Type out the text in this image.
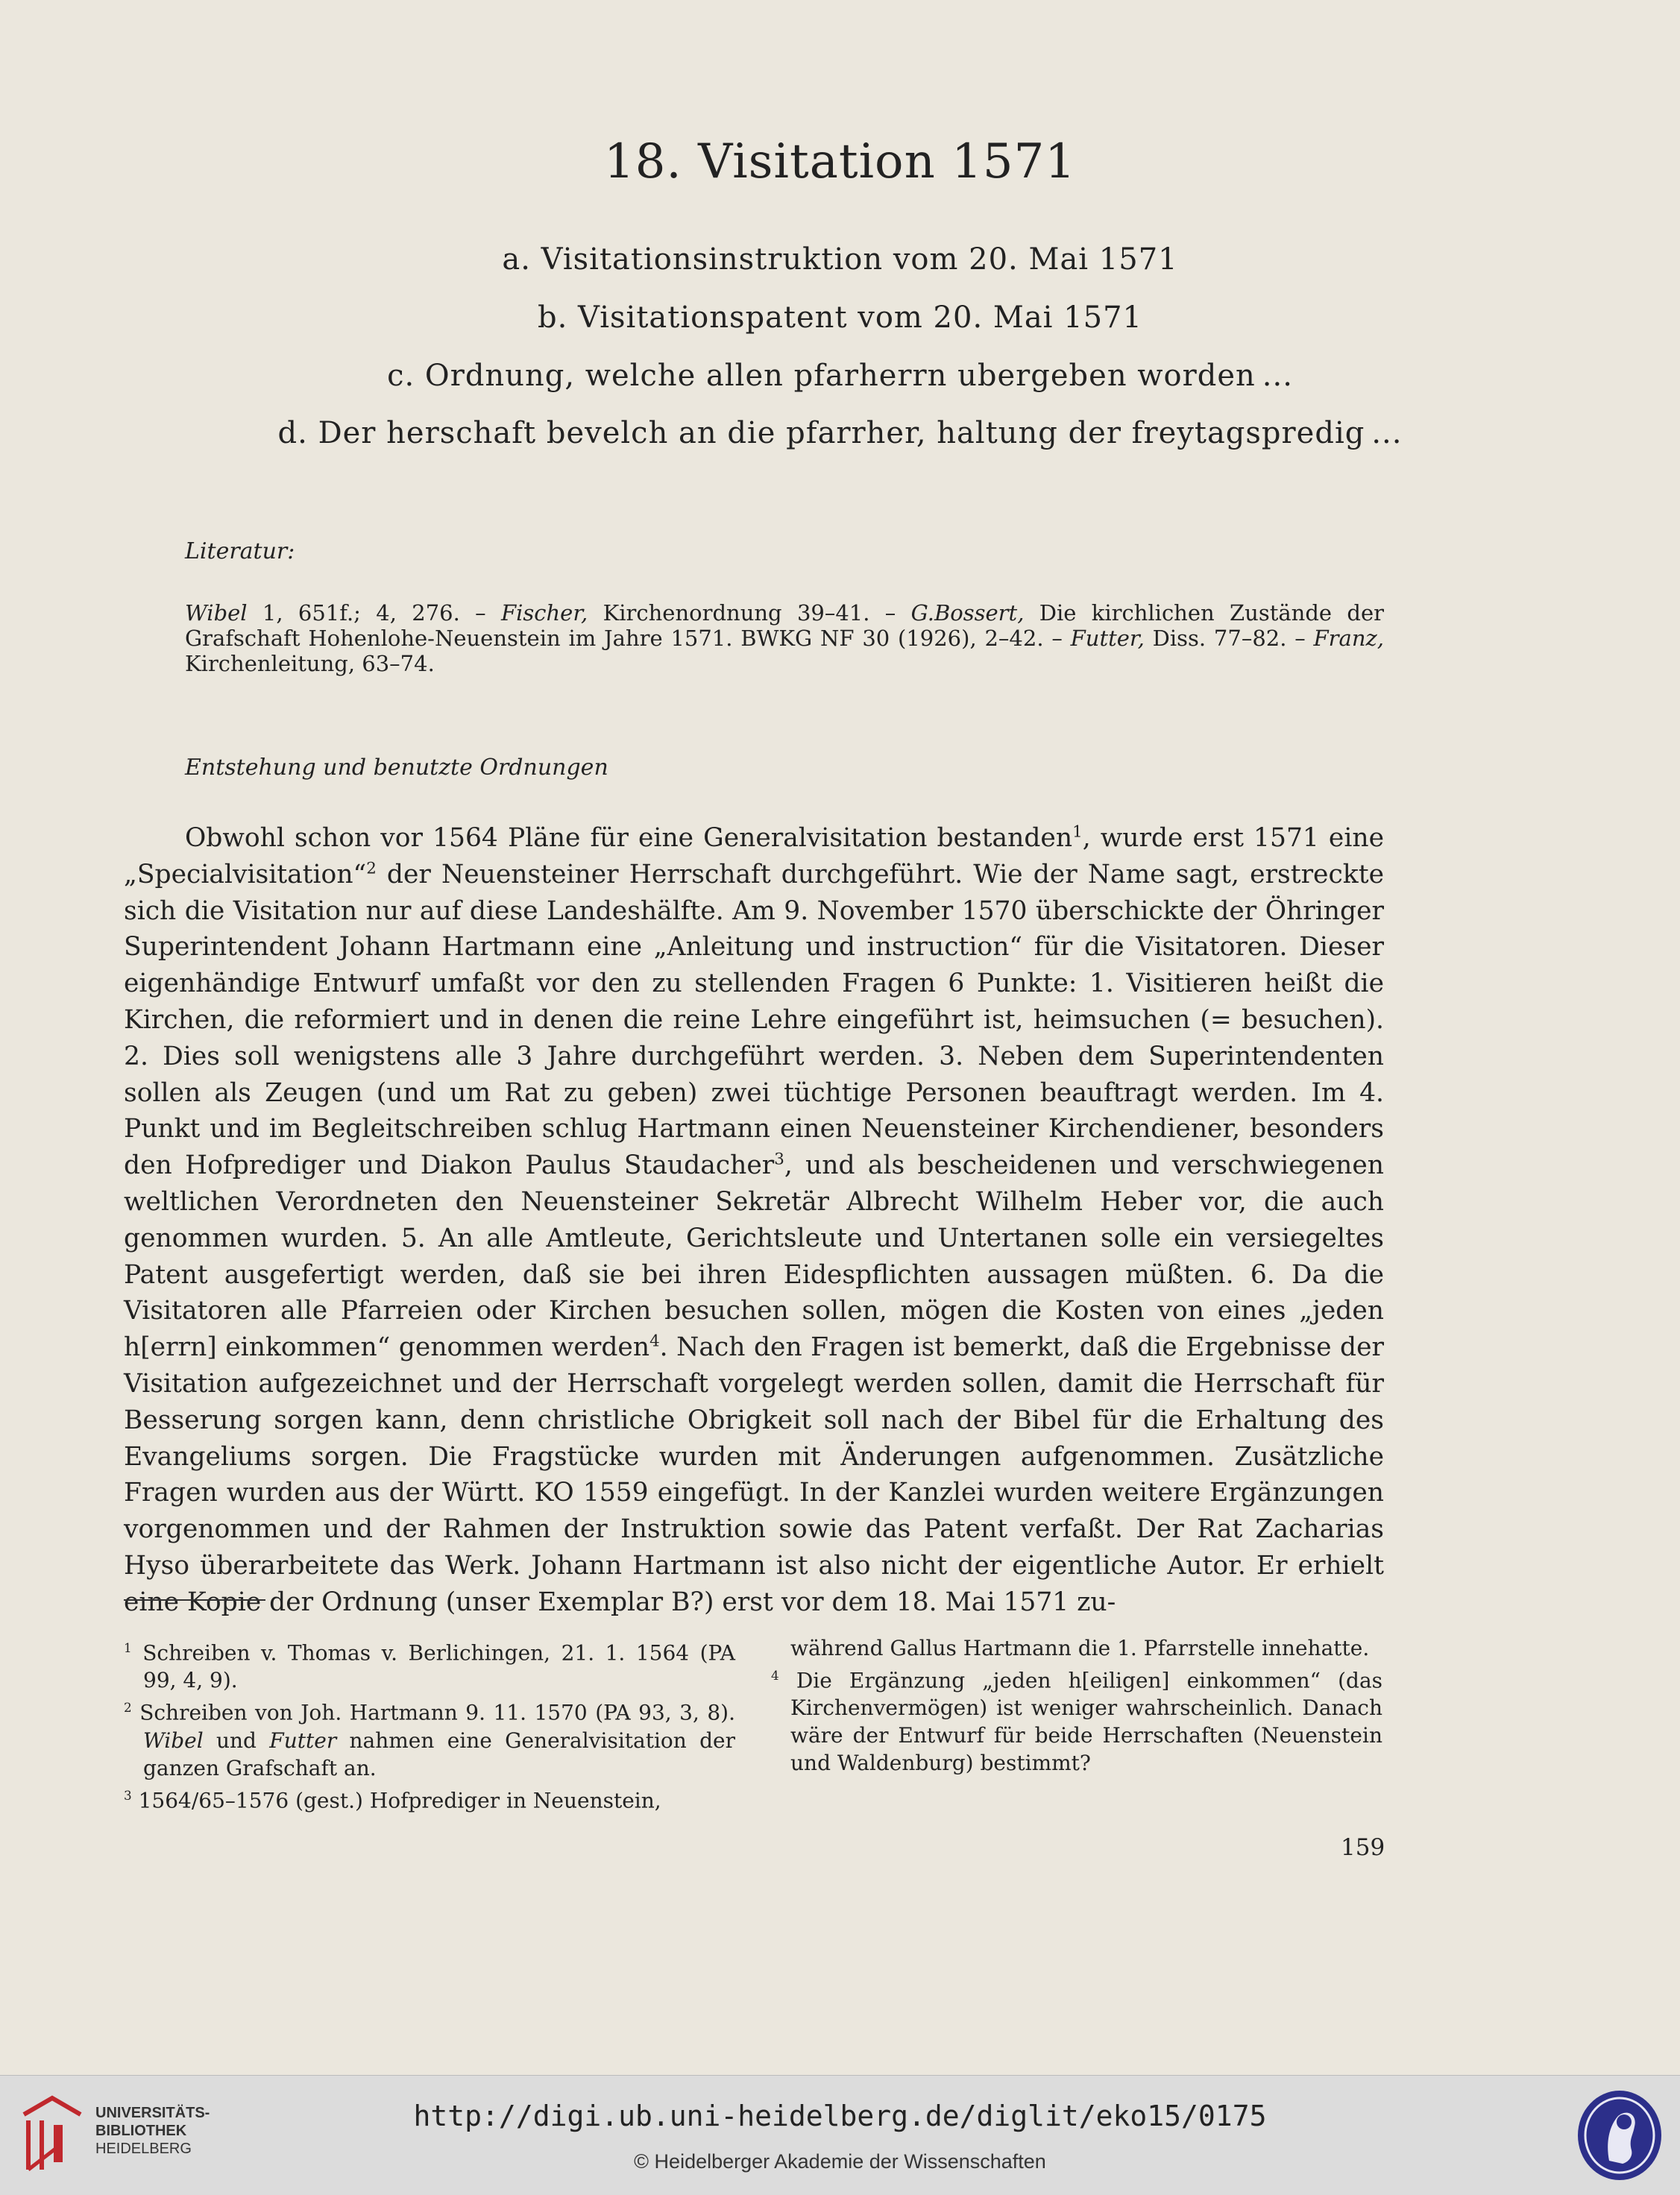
18. Visitation 1571
a. Visitationsinstruktion vom 20. Mai 1571
b. Visitationspatent vom 20. Mai 1571
c. Ordnung, welche allen pfarherrn ubergeben worden ...
d. Der herschaft bevelch an die pfarrher, haltung der freytagspredig ...
Literatur:
Wibel 1, 651f.; 4, 276. – Fischer, Kirchenordnung 39–41. – G.Bossert, Die kirchlichen Zustände der Grafschaft Hohenlohe-Neuenstein im Jahre 1571. BWKG NF 30 (1926), 2–42. – Futter, Diss. 77–82. – Franz, Kirchenleitung, 63–74.
Entstehung und benutzte Ordnungen

Obwohl schon vor 1564 Pläne für eine Generalvisitation bestanden$^1$, wurde erst 1571 eine „Specialvisitation“$^2$ der Neuensteiner Herrschaft durchgeführt. Wie der Name sagt, erstreckte sich die Visitation nur auf diese Landeshälfte. Am 9. November 1570 überschickte der Öhringer Superintendent Johann Hartmann eine „Anleitung und instruction“ für die Visitatoren. Dieser eigenhändige Entwurf umfaßt vor den zu stellenden Fragen 6 Punkte: 1. Visitieren heißt die Kirchen, die reformiert und in denen die reine Lehre eingeführt ist, heimsuchen (= besuchen). 2. Dies soll wenigstens alle 3 Jahre durchgeführt werden. 3. Neben dem Superintendenten sollen als Zeugen (und um Rat zu geben) zwei tüchtige Personen beauftragt werden. Im 4. Punkt und im Begleitschreiben schlug Hartmann einen Neuensteiner Kirchendiener, besonders den Hofprediger und Diakon Paulus Staudacher$^3$, und als bescheidenen und verschwiegenen weltlichen Verordneten den Neuensteiner Sekretär Albrecht Wilhelm Heber vor, die auch genommen wurden. 5. An alle Amtleute, Gerichtsleute und Untertanen solle ein versiegeltes Patent ausgefertigt werden, daß sie bei ihren Eidespflichten aussagen müßten. 6. Da die Visitatoren alle Pfarreien oder Kirchen besuchen sollen, mögen die Kosten von eines „jeden h[errn] einkommen“ genommen werden$^4$. Nach den Fragen ist bemerkt, daß die Ergebnisse der Visitation aufgezeichnet und der Herrschaft vorgelegt werden sollen, damit die Herrschaft für Besserung sorgen kann, denn christliche Obrigkeit soll nach der Bibel für die Erhaltung des Evangeliums sorgen. Die Fragstücke wurden mit Änderungen aufgenommen. Zusätzliche Fragen wurden aus der Württ. KO 1559 eingefügt. In der Kanzlei wurden weitere Ergänzungen vorgenommen und der Rahmen der Instruktion sowie das Patent verfaßt. Der Rat Zacharias Hyso überarbeitete das Werk. Johann Hartmann ist also nicht der eigentliche Autor. Er erhielt eine Kopie der Ordnung (unser Exemplar B?) erst vor dem 18. Mai 1571 zu-

$^1$ Schreiben v. Thomas v. Berlichingen, 21. 1. 1564 (PA 99, 4, 9).

$^2$ Schreiben von Joh. Hartmann 9. 11. 1570 (PA 93, 3, 8). Wibel und Futter nahmen eine Generalvisitation der ganzen Grafschaft an.

$^3$ 1564/65–1576 (gest.) Hofprediger in Neuenstein,

während Gallus Hartmann die 1. Pfarrstelle innehatte.

$^4$ Die Ergänzung „jeden h[eiligen] einkommen“ (das Kirchenvermögen) ist weniger wahrscheinlich. Danach wäre der Entwurf für beide Herrschaften (Neuenstein und Waldenburg) bestimmt?

159
UNIVERSITÄTS-
BIBLIOTHEK
HEIDELBERG
http://digi.ub.uni-heidelberg.de/diglit/eko15/0175
© Heidelberger Akademie der Wissenschaften
